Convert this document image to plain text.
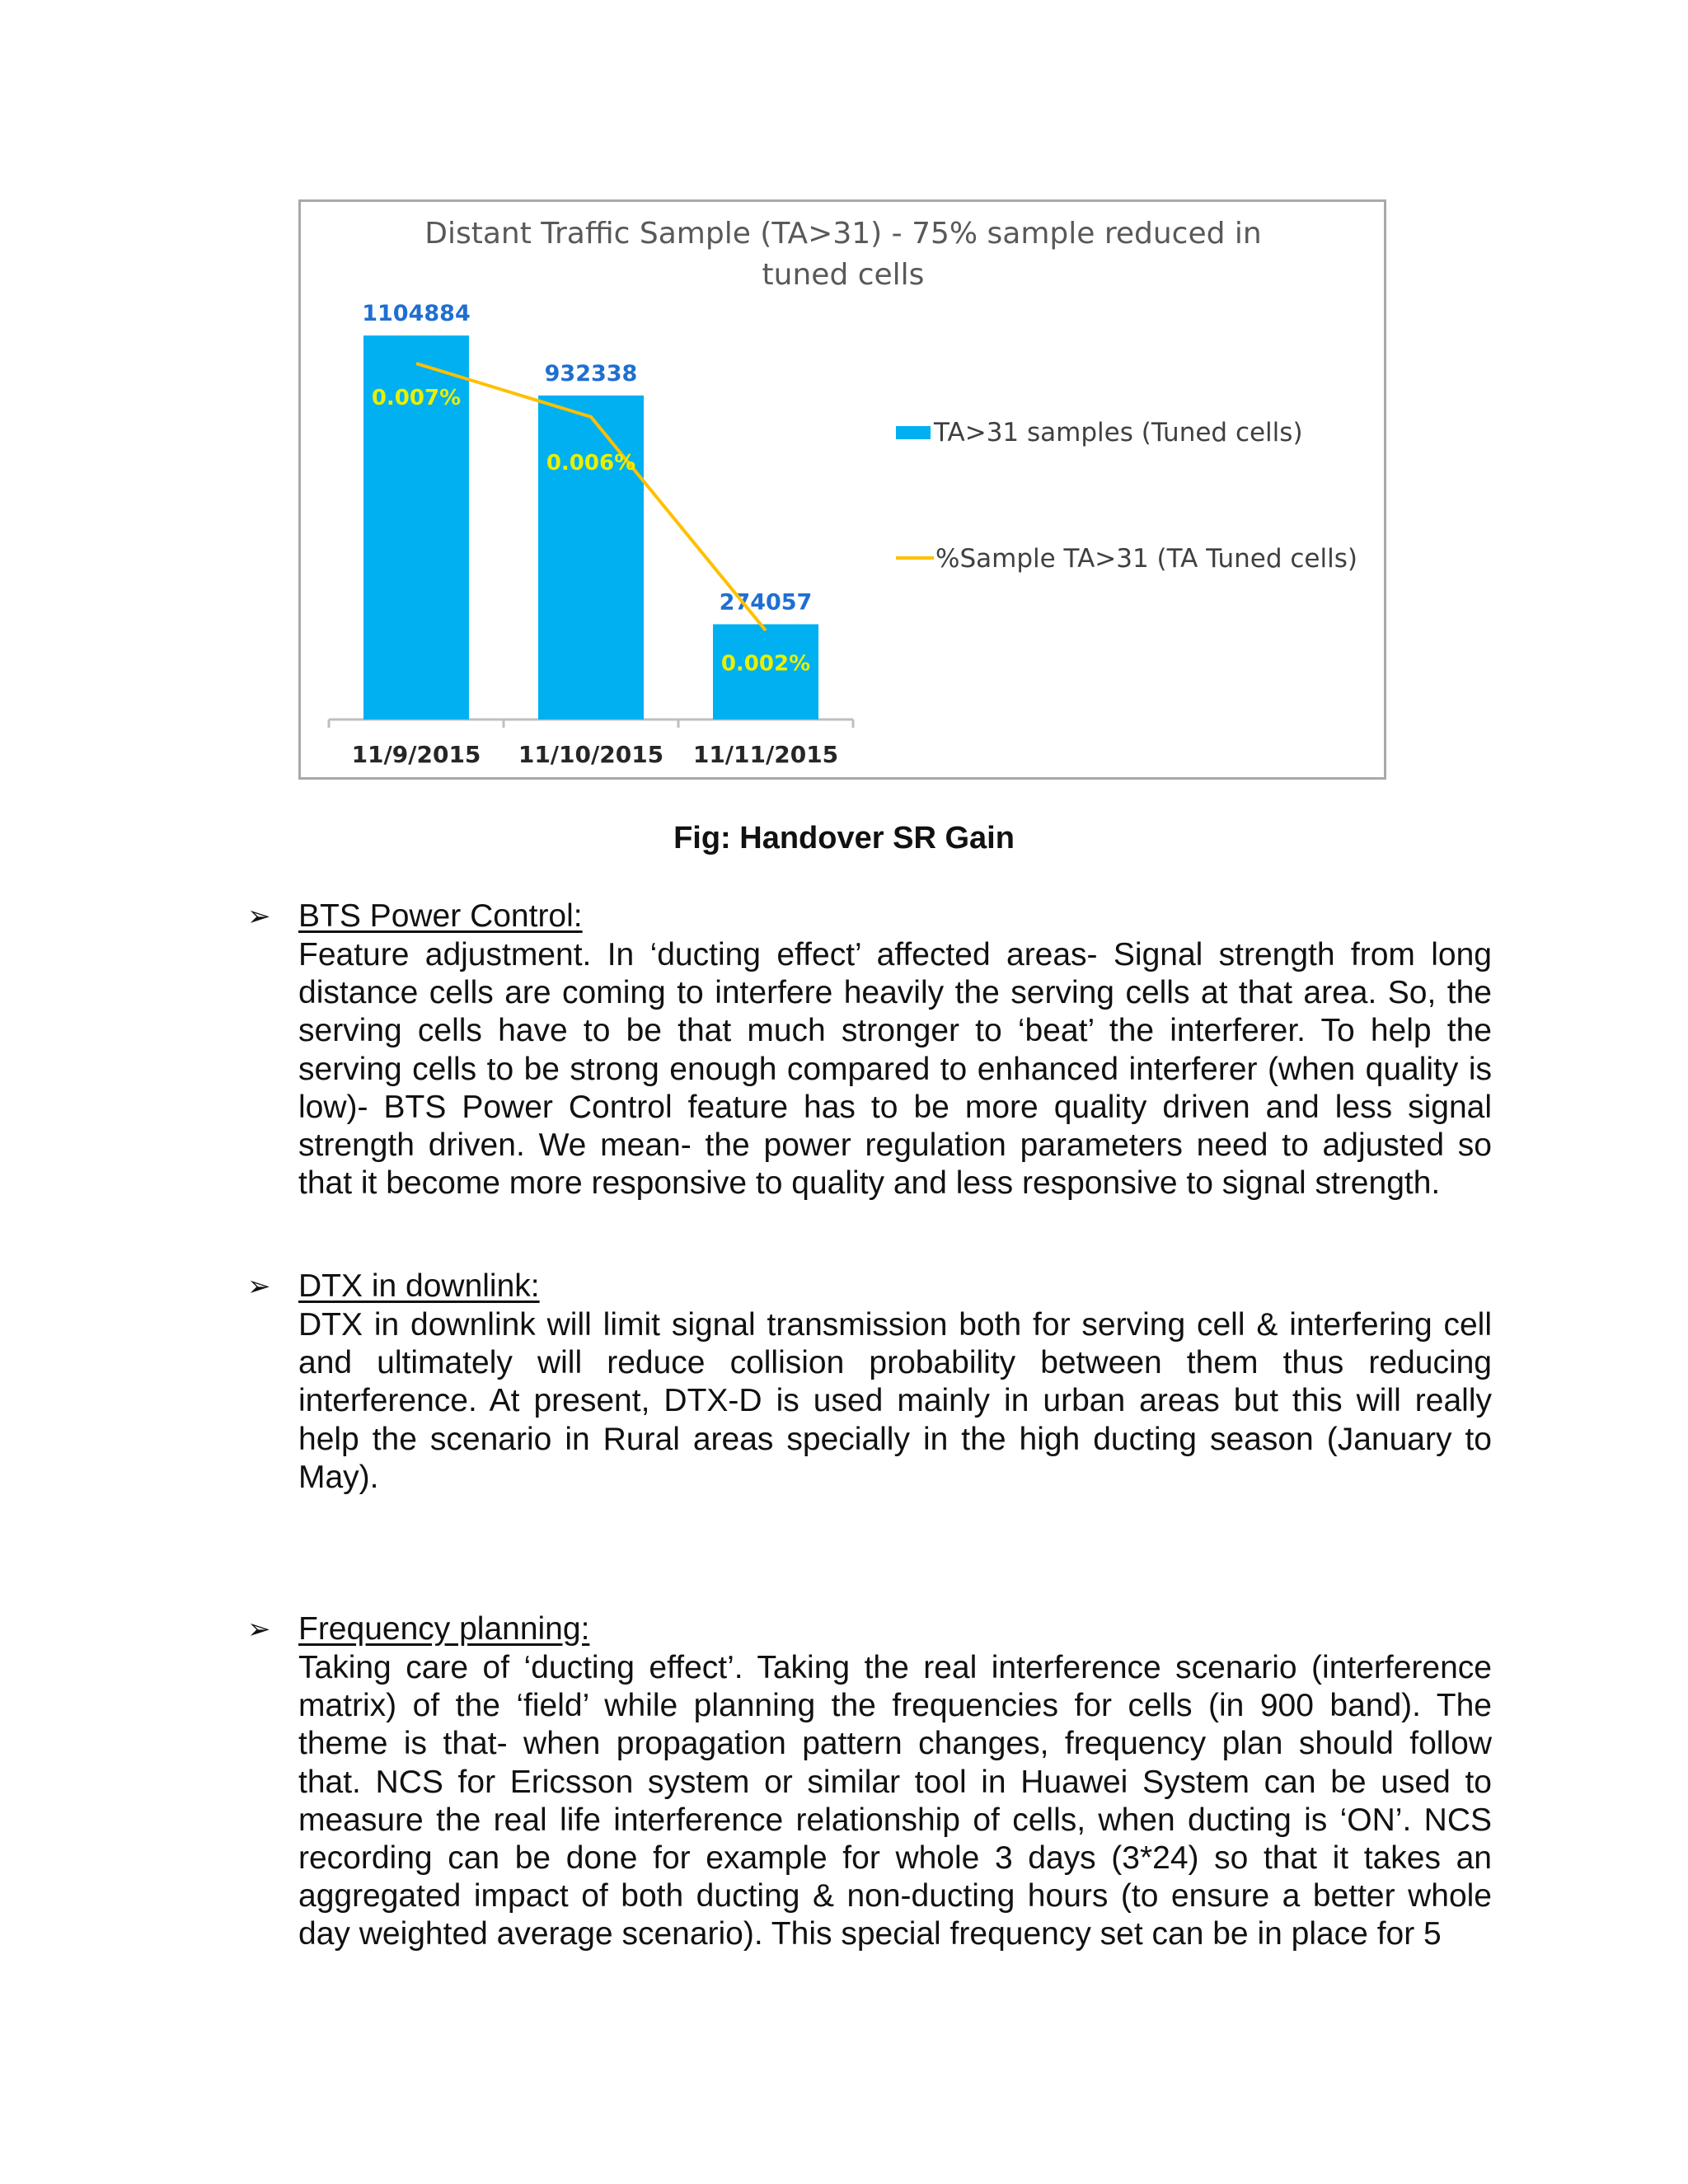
Distant Traffic Sample (TA>31) - 75% sample reduced in
tuned cells
1104884
11/9/2015
932338
11/10/2015
274057
11/11/2015
0.007%
0.006%
0.002%
TA>31 samples (Tuned cells)
%Sample TA>31 (TA Tuned cells)
Fig: Handover SR Gain
➢ BTS Power Control:
Feature adjustment. In ‘ducting effect’ affected areas- Signal strength from long distance cells are coming to interfere heavily the serving cells at that area. So, the serving cells have to be that much stronger to ‘beat’ the interferer. To help the serving cells to be strong enough compared to enhanced interferer (when quality is low)- BTS Power Control feature has to be more quality driven and less signal strength driven. We mean- the power regulation parameters need to adjusted so that it become more responsive to quality and less responsive to signal strength.
➢ DTX in downlink:
DTX in downlink will limit signal transmission both for serving cell & interfering cell and ultimately will reduce collision probability between them thus reducing interference. At present, DTX-D is used mainly in urban areas but this will really help the scenario in Rural areas specially in the high ducting season (January to May).
➢ Frequency planning:
Taking care of ‘ducting effect’. Taking the real interference scenario (interference matrix) of the ‘field’ while planning the frequencies for cells (in 900 band). The theme is that- when propagation pattern changes, frequency plan should follow that. NCS for Ericsson system or similar tool in Huawei System can be used to measure the real life interference relationship of cells, when ducting is ‘ON’. NCS recording can be done for example for whole 3 days (3*24) so that it takes an aggregated impact of both ducting & non-ducting hours (to ensure a better whole day weighted average scenario). This special frequency set can be in place for 5
